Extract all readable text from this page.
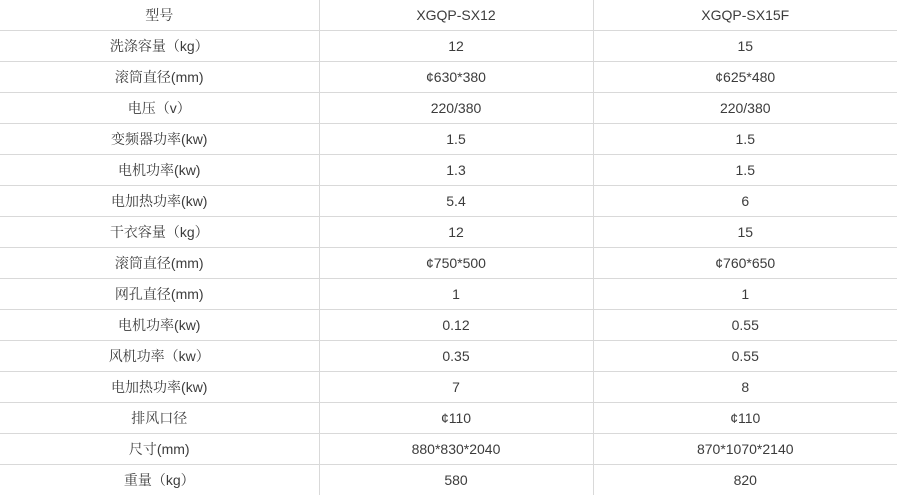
型号	XGQP-SX12	XGQP-SX15F
洗涤容量（kg）	12	15
滚筒直径(mm)	¢630*380	¢625*480
电压（v）	220/380	220/380
变频器功率(kw)	1.5	1.5
电机功率(kw)	1.3	1.5
电加热功率(kw)	5.4	6
干衣容量（kg）	12	15
滚筒直径(mm)	¢750*500	¢760*650
网孔直径(mm)	1	1
电机功率(kw)	0.12	0.55
风机功率（kw）	0.35	0.55
电加热功率(kw)	7	8
排风口径	¢110	¢110
尺寸(mm)	880*830*2040	870*1070*2140
重量（kg）	580	820
